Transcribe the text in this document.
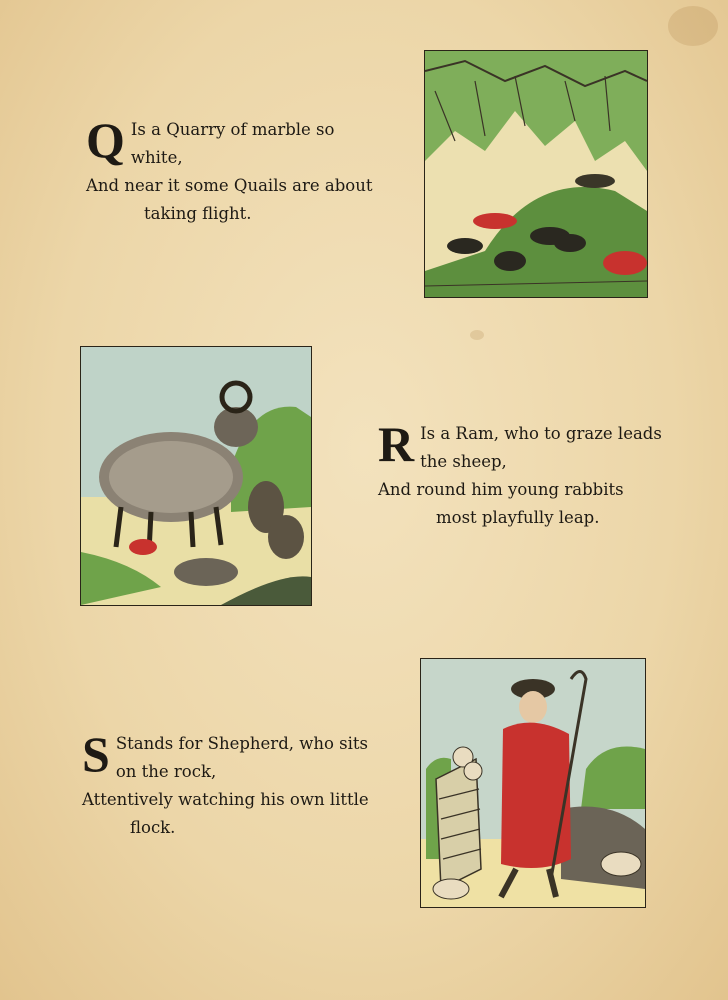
Q Is a Quarry of marble so
white,
And near it some Quails are about
taking flight.
R Is a Ram, who to graze leads
the sheep,
And round him young rabbits
most playfully leap.
S Stands for Shepherd, who sits
on the rock,
Attentively watching his own little
flock.
